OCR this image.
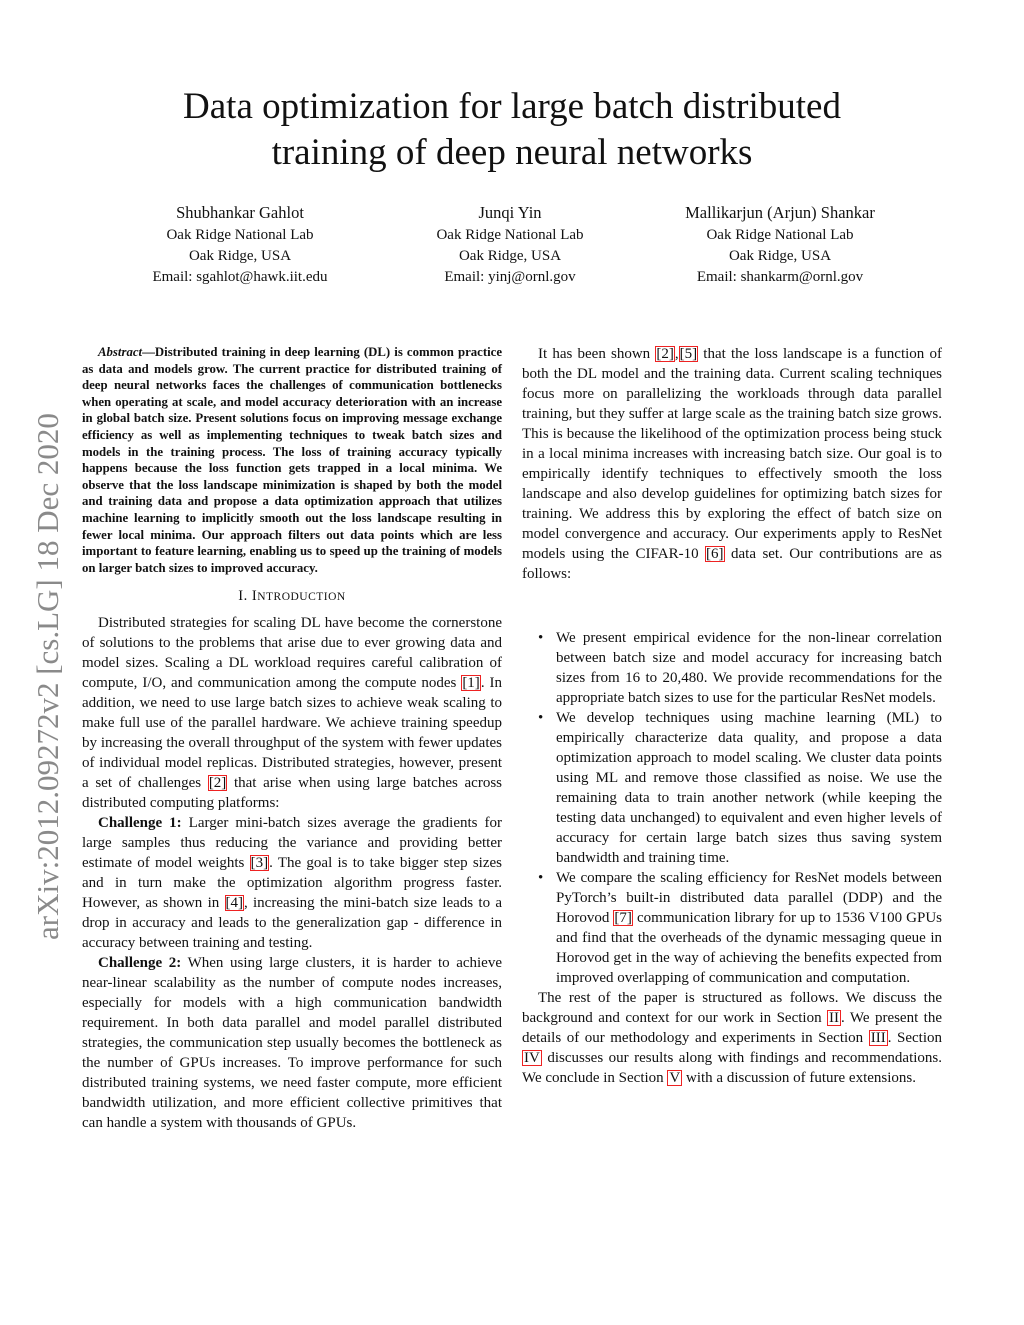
Data optimization for large batch distributed
training of deep neural networks
Shubhankar Gahlot
Oak Ridge National Lab
Oak Ridge, USA
Email: sgahlot@hawk.iit.edu
Junqi Yin
Oak Ridge National Lab
Oak Ridge, USA
Email: yinj@ornl.gov
Mallikarjun (Arjun) Shankar
Oak Ridge National Lab
Oak Ridge, USA
Email: shankarm@ornl.gov
arXiv:2012.09272v2 [cs.LG] 18 Dec 2020

Abstract—Distributed training in deep learning (DL) is common practice as data and models grow. The current practice for distributed training of deep neural networks faces the challenges of communication bottlenecks when operating at scale, and model accuracy deterioration with an increase in global batch size. Present solutions focus on improving message exchange efficiency as well as implementing techniques to tweak batch sizes and models in the training process. The loss of training accuracy typically happens because the loss function gets trapped in a local minima. We observe that the loss landscape minimization is shaped by both the model and training data and propose a data optimization approach that utilizes machine learning to implicitly smooth out the loss landscape resulting in fewer local minima. Our approach filters out data points which are less important to feature learning, enabling us to speed up the training of models on larger batch sizes to improved accuracy.

I. INTRODUCTION

Distributed strategies for scaling DL have become the cornerstone of solutions to the problems that arise due to ever growing data and model sizes. Scaling a DL workload requires careful calibration of compute, I/O, and communication among the compute nodes [1]. In addition, we need to use large batch sizes to achieve weak scaling to make full use of the parallel hardware. We achieve training speedup by increasing the overall throughput of the system with fewer updates of individual model replicas. Distributed strategies, however, present a set of challenges [2] that arise when using large batches across distributed computing platforms:

Challenge 1: Larger mini-batch sizes average the gradients for large samples thus reducing the variance and providing better estimate of model weights [3]. The goal is to take bigger step sizes and in turn make the optimization algorithm progress faster. However, as shown in [4], increasing the mini-batch size leads to a drop in accuracy and leads to the generalization gap - difference in accuracy between training and testing.

Challenge 2: When using large clusters, it is harder to achieve near-linear scalability as the number of compute nodes increases, especially for models with a high communication bandwidth requirement. In both data parallel and model parallel distributed strategies, the communication step usually becomes the bottleneck as the number of GPUs increases. To improve performance for such distributed training systems, we need faster compute, more efficient bandwidth utilization, and more efficient collective primitives that can handle a system with thousands of GPUs.

It has been shown [2],[5] that the loss landscape is a function of both the DL model and the training data. Current scaling techniques focus more on parallelizing the workloads through data parallel training, but they suffer at large scale as the training batch size grows. This is because the likelihood of the optimization process being stuck in a local minima increases with increasing batch size. Our goal is to empirically identify techniques to effectively smooth the loss landscape and also develop guidelines for optimizing batch sizes for training. We address this by exploring the effect of batch size on model convergence and accuracy. Our experiments apply to ResNet models using the CIFAR-10 [6] data set. Our contributions are as follows:

• We present empirical evidence for the non-linear correlation between batch size and model accuracy for increasing batch sizes from 16 to 20,480. We provide recommendations for the appropriate batch sizes to use for the particular ResNet models.
• We develop techniques using machine learning (ML) to empirically characterize data quality, and propose a data optimization approach to model scaling. We cluster data points using ML and remove those classified as noise. We use the remaining data to train another network (while keeping the testing data unchanged) to equivalent and even higher levels of accuracy for certain large batch sizes thus saving system bandwidth and training time.
• We compare the scaling efficiency for ResNet models between PyTorch’s built-in distributed data parallel (DDP) and the Horovod [7] communication library for up to 1536 V100 GPUs and find that the overheads of the dynamic messaging queue in Horovod get in the way of achieving the benefits expected from improved overlapping of communication and computation.

The rest of the paper is structured as follows. We discuss the background and context for our work in Section II . We present the details of our methodology and experiments in Section III . Section IV discusses our results along with findings and recommendations. We conclude in Section V with a discussion of future extensions.
